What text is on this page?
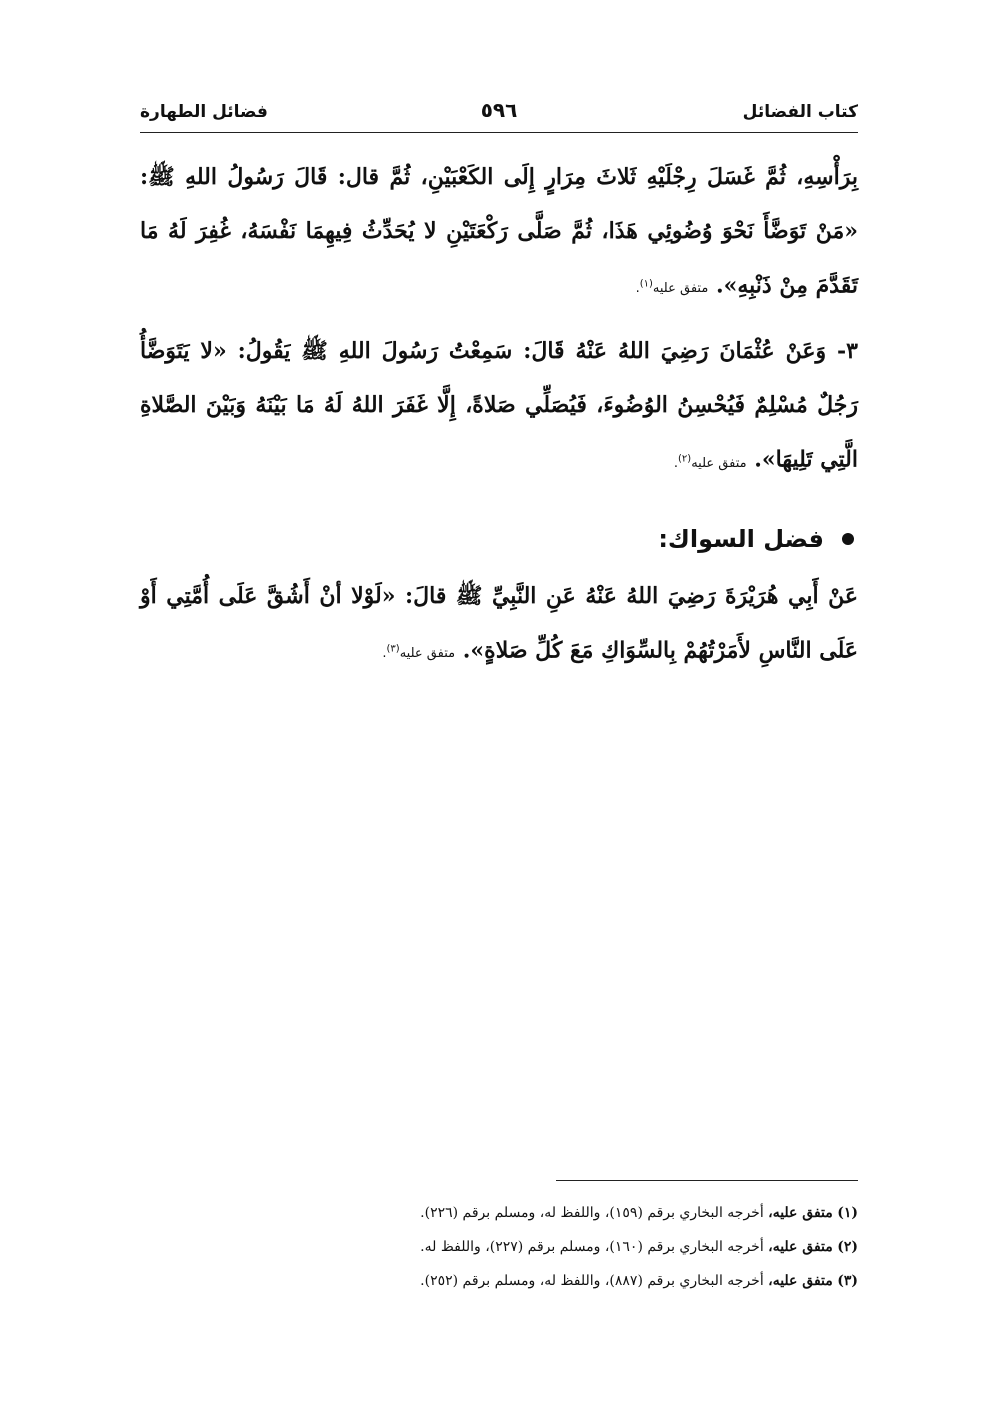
فضائل الطهارة	٥٩٦	كتاب الفضائل

بِرَأْسِهِ، ثُمَّ غَسَلَ رِجْلَيْهِ ثَلاثَ مِرَارٍ إِلَى الكَعْبَيْنِ، ثُمَّ قال: قَالَ رَسُولُ اللهِ ﷺ: «مَنْ تَوَضَّأَ نَحْوَ وُضُوئِي هَذَا، ثُمَّ صَلَّى رَكْعَتَيْنِ لا يُحَدِّثُ فِيهِمَا نَفْسَهُ، غُفِرَ لَهُ مَا تَقَدَّمَ مِنْ ذَنْبِهِ». متفق عليه$^{(١)}$.

٣- وَعَنْ عُثْمَانَ رَضِيَ اللهُ عَنْهُ قَالَ: سَمِعْتُ رَسُولَ اللهِ ﷺ يَقُولُ: «لا يَتَوَضَّأُ رَجُلٌ مُسْلِمٌ فَيُحْسِنُ الوُضُوءَ، فَيُصَلِّي صَلاةً، إِلَّا غَفَرَ اللهُ لَهُ مَا بَيْنَهُ وَبَيْنَ الصَّلاةِ الَّتِي تَلِيهَا». متفق عليه$^{(٢)}$.

فضل السواك:

عَنْ أَبِي هُرَيْرَةَ رَضِيَ اللهُ عَنْهُ عَنِ النَّبِيِّ ﷺ قالَ: «لَوْلا أنْ أَشُقَّ عَلَى أُمَّتِي أَوْ عَلَى النَّاسِ لأَمَرْتُهُمْ بِالسِّوَاكِ مَعَ كُلِّ صَلاةٍ». متفق عليه$^{(٣)}$.

(١) متفق عليه، أخرجه البخاري برقم (١٥٩)، واللفظ له، ومسلم برقم (٢٢٦).

(٢) متفق عليه، أخرجه البخاري برقم (١٦٠)، ومسلم برقم (٢٢٧)، واللفظ له.

(٣) متفق عليه، أخرجه البخاري برقم (٨٨٧)، واللفظ له، ومسلم برقم (٢٥٢).
